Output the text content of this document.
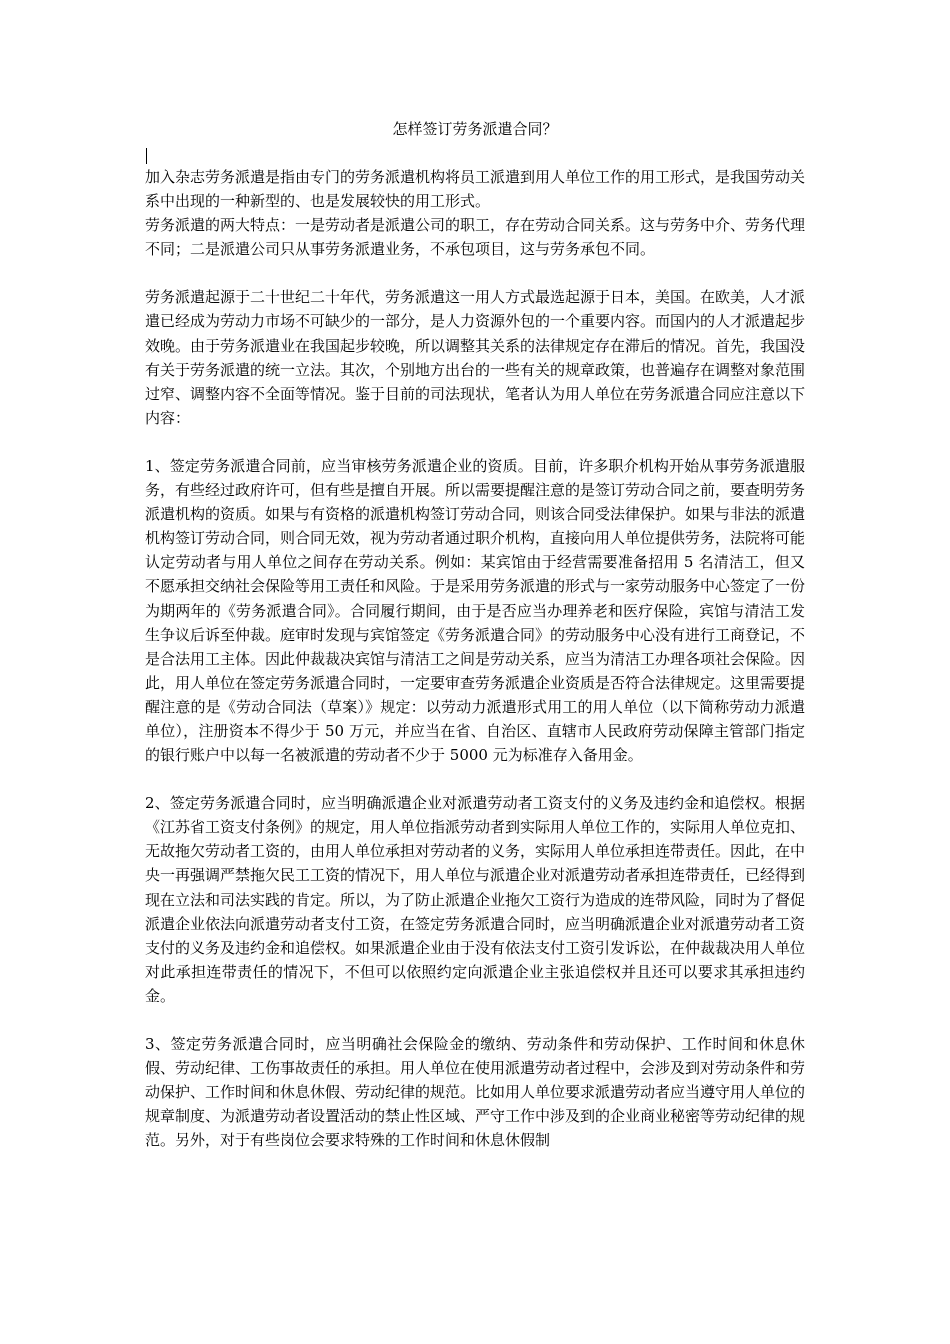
怎样签订劳务派遣合同？

加入杂志劳务派遣是指由专门的劳务派遣机构将员工派遣到用人单位工作的用工形式，是我国劳动关系中出现的一种新型的、也是发展较快的用工形式。

劳务派遣的两大特点：一是劳动者是派遣公司的职工，存在劳动合同关系。这与劳务中介、劳务代理不同；二是派遣公司只从事劳务派遣业务，不承包项目，这与劳务承包不同。

劳务派遣起源于二十世纪二十年代，劳务派遣这一用人方式最选起源于日本，美国。在欧美，人才派遣已经成为劳动力市场不可缺少的一部分，是人力资源外包的一个重要内容。而国内的人才派遣起步效晚。由于劳务派遣业在我国起步较晚，所以调整其关系的法律规定存在滞后的情况。首先，我国没有关于劳务派遣的统一立法。其次，个别地方出台的一些有关的规章政策，也普遍存在调整对象范围过窄、调整内容不全面等情况。鉴于目前的司法现状，笔者认为用人单位在劳务派遣合同应注意以下内容：

1、签定劳务派遣合同前，应当审核劳务派遣企业的资质。目前，许多职介机构开始从事劳务派遣服务，有些经过政府许可，但有些是擅自开展。所以需要提醒注意的是签订劳动合同之前，要查明劳务派遣机构的资质。如果与有资格的派遣机构签订劳动合同，则该合同受法律保护。如果与非法的派遣机构签订劳动合同，则合同无效，视为劳动者通过职介机构，直接向用人单位提供劳务，法院将可能认定劳动者与用人单位之间存在劳动关系。例如：某宾馆由于经营需要准备招用 5 名清洁工，但又不愿承担交纳社会保险等用工责任和风险。于是采用劳务派遣的形式与一家劳动服务中心签定了一份为期两年的《劳务派遣合同》。合同履行期间，由于是否应当办理养老和医疗保险，宾馆与清洁工发生争议后诉至仲裁。庭审时发现与宾馆签定《劳务派遣合同》的劳动服务中心没有进行工商登记，不是合法用工主体。因此仲裁裁决宾馆与清洁工之间是劳动关系，应当为清洁工办理各项社会保险。因此，用人单位在签定劳务派遣合同时，一定要审查劳务派遣企业资质是否符合法律规定。这里需要提醒注意的是《劳动合同法（草案）》规定：以劳动力派遣形式用工的用人单位（以下简称劳动力派遣单位），注册资本不得少于 50 万元，并应当在省、自治区、直辖市人民政府劳动保障主管部门指定的银行账户中以每一名被派遣的劳动者不少于 5000 元为标准存入备用金。

2、签定劳务派遣合同时，应当明确派遣企业对派遣劳动者工资支付的义务及违约金和追偿权。根据《江苏省工资支付条例》的规定，用人单位指派劳动者到实际用人单位工作的，实际用人单位克扣、无故拖欠劳动者工资的，由用人单位承担对劳动者的义务，实际用人单位承担连带责任。因此，在中央一再强调严禁拖欠民工工资的情况下，用人单位与派遣企业对派遣劳动者承担连带责任，已经得到现在立法和司法实践的肯定。所以，为了防止派遣企业拖欠工资行为造成的连带风险，同时为了督促派遣企业依法向派遣劳动者支付工资，在签定劳务派遣合同时，应当明确派遣企业对派遣劳动者工资支付的义务及违约金和追偿权。如果派遣企业由于没有依法支付工资引发诉讼，在仲裁裁决用人单位对此承担连带责任的情况下，不但可以依照约定向派遣企业主张追偿权并且还可以要求其承担违约金。

3、签定劳务派遣合同时，应当明确社会保险金的缴纳、劳动条件和劳动保护、工作时间和休息休假、劳动纪律、工伤事故责任的承担。用人单位在使用派遣劳动者过程中，会涉及到对劳动条件和劳动保护、工作时间和休息休假、劳动纪律的规范。比如用人单位要求派遣劳动者应当遵守用人单位的规章制度、为派遣劳动者设置活动的禁止性区域、严守工作中涉及到的企业商业秘密等劳动纪律的规范。另外，对于有些岗位会要求特殊的工作时间和休息休假制
